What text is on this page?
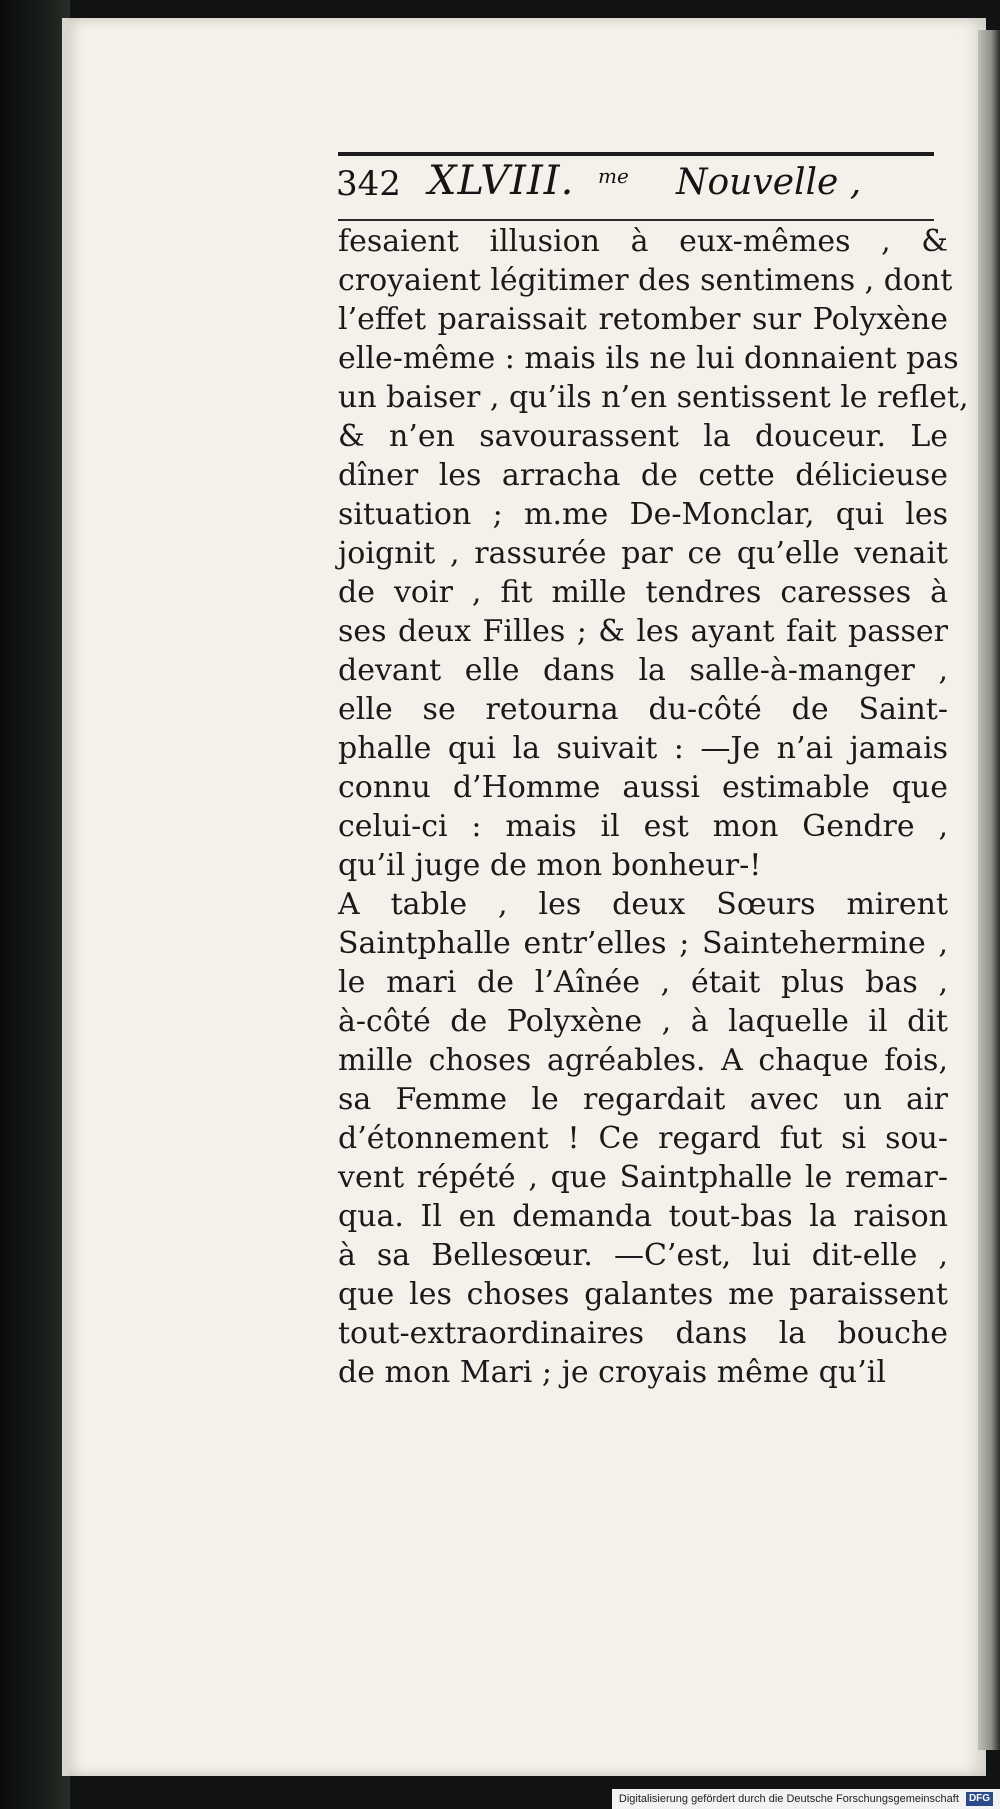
342 XLVIII. me Nouvelle ,
fesaient illusion à eux-mêmes , &
croyaient légitimer des sentimens , dont
l’effet paraissait retomber sur Polyxène
elle-même : mais ils ne lui donnaient pas
un baiser , qu’ils n’en sentissent le reflet,
& n’en savourassent la douceur. Le
dîner les arracha de cette délicieuse
situation ; m.me De-Monclar, qui les
joignit , rassurée par ce qu’elle venait
de voir , fit mille tendres caresses à
ses deux Filles ; & les ayant fait passer
devant elle dans la salle-à-manger ,
elle se retourna du-côté de Saint-
phalle qui la suivait : —Je n’ai jamais
connu d’Homme aussi estimable que
celui-ci : mais il est mon Gendre ,
qu’il juge de mon bonheur-!
A table , les deux Sœurs mirent
Saintphalle entr’elles ; Saintehermine ,
le mari de l’Aînée , était plus bas ,
à-côté de Polyxène , à laquelle il dit
mille choses agréables. A chaque fois,
sa Femme le regardait avec un air
d’étonnement ! Ce regard fut si sou-
vent répété , que Saintphalle le remar-
qua. Il en demanda tout-bas la raison
à sa Bellesœur. —C’est, lui dit-elle ,
que les choses galantes me paraissent
tout-extraordinaires dans la bouche
de mon Mari ; je croyais même qu’il
Digitalisierung gefördert durch die Deutsche Forschungsgemeinschaft DFG
